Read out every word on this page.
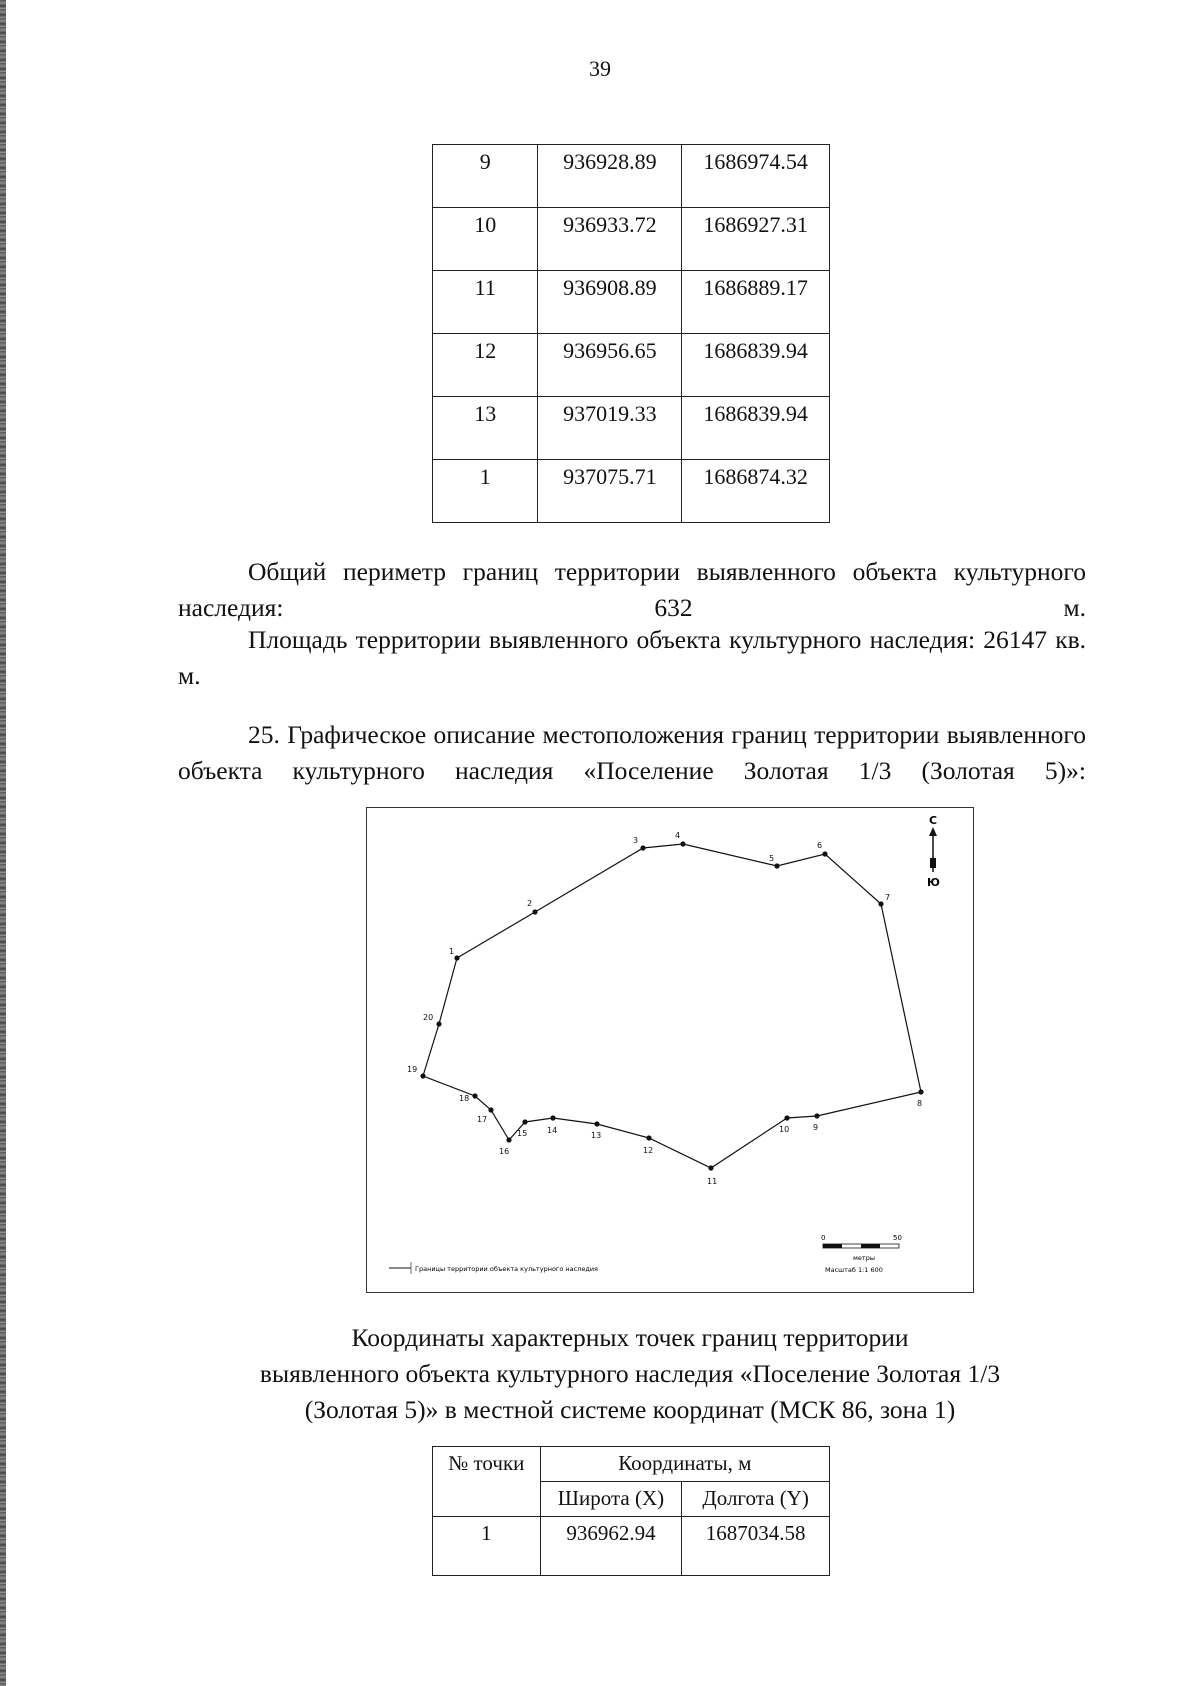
39
9	936928.89	1686974.54
10	936933.72	1686927.31
11	936908.89	1686889.17
12	936956.65	1686839.94
13	937019.33	1686839.94
1	937075.71	1686874.32
Общий периметр границ территории выявленного объекта культурного наследия: 632 м.
Площадь территории выявленного объекта культурного наследия: 26147 кв. м.
25. Графическое описание местоположения границ территории выявленного объекта культурного наследия «Поселение Золотая 1/3 (Золотая 5)»:
1
2
3
4
5
6
7
8
9
10
11
12
13
14
15
16
17
18
19
20
С
Ю
Границы территории объекта культурного наследия
0	50
метры
Масштаб 1:1 600
Координаты характерных точек границ территории
выявленного объекта культурного наследия «Поселение Золотая 1/3
(Золотая 5)» в местной системе координат (МСК 86, зона 1)
№ точки	Координаты, м	
	Широта (X)	Долгота (Y)
1	936962.94	1687034.58
